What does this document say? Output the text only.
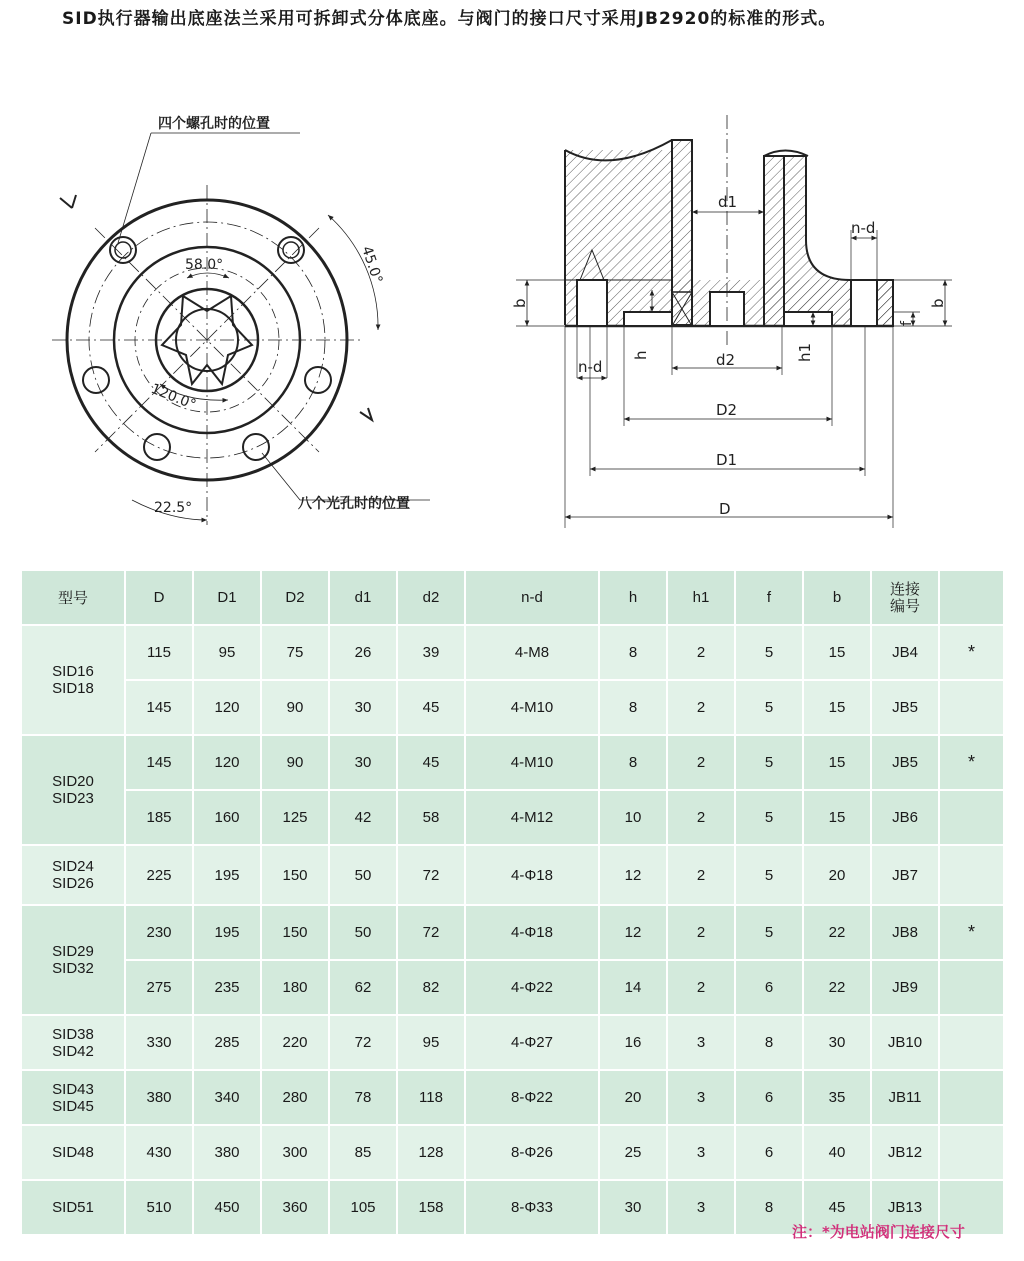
SID执行器输出底座法兰采用可拆卸式分体底座。与阀门的接口尺寸采用JB2920的标准的形式。
四个螺孔时的位置
八个光孔时的位置
58.0°	45.0°
120.0°
22.5°
d1
n-d
b	b
f
h	h1
n-d	d2
D2
D1
D
型号	D	D1	D2	d1	d2	n-d	h	h1	f	b	连接编号	
SID16
SID18	115	95	75	26	39	4-M8	8	2	5	15	JB4	*
	145	120	90	30	45	4-M10	8	2	5	15	JB5	
SID20
SID23	145	120	90	30	45	4-M10	8	2	5	15	JB5	*
	185	160	125	42	58	4-M12	10	2	5	15	JB6	
SID24
SID26	225	195	150	50	72	4-Φ18	12	2	5	20	JB7	
SID29
SID32	230	195	150	50	72	4-Φ18	12	2	5	22	JB8	*
	275	235	180	62	82	4-Φ22	14	2	6	22	JB9	
SID38
SID42	330	285	220	72	95	4-Φ27	16	3	8	30	JB10	
SID43
SID45	380	340	280	78	118	8-Φ22	20	3	6	35	JB11	
SID48	430	380	300	85	128	8-Φ26	25	3	6	40	JB12	
SID51	510	450	360	105	158	8-Φ33	30	3	8	45	JB13	
注：*为电站阀门连接尺寸
